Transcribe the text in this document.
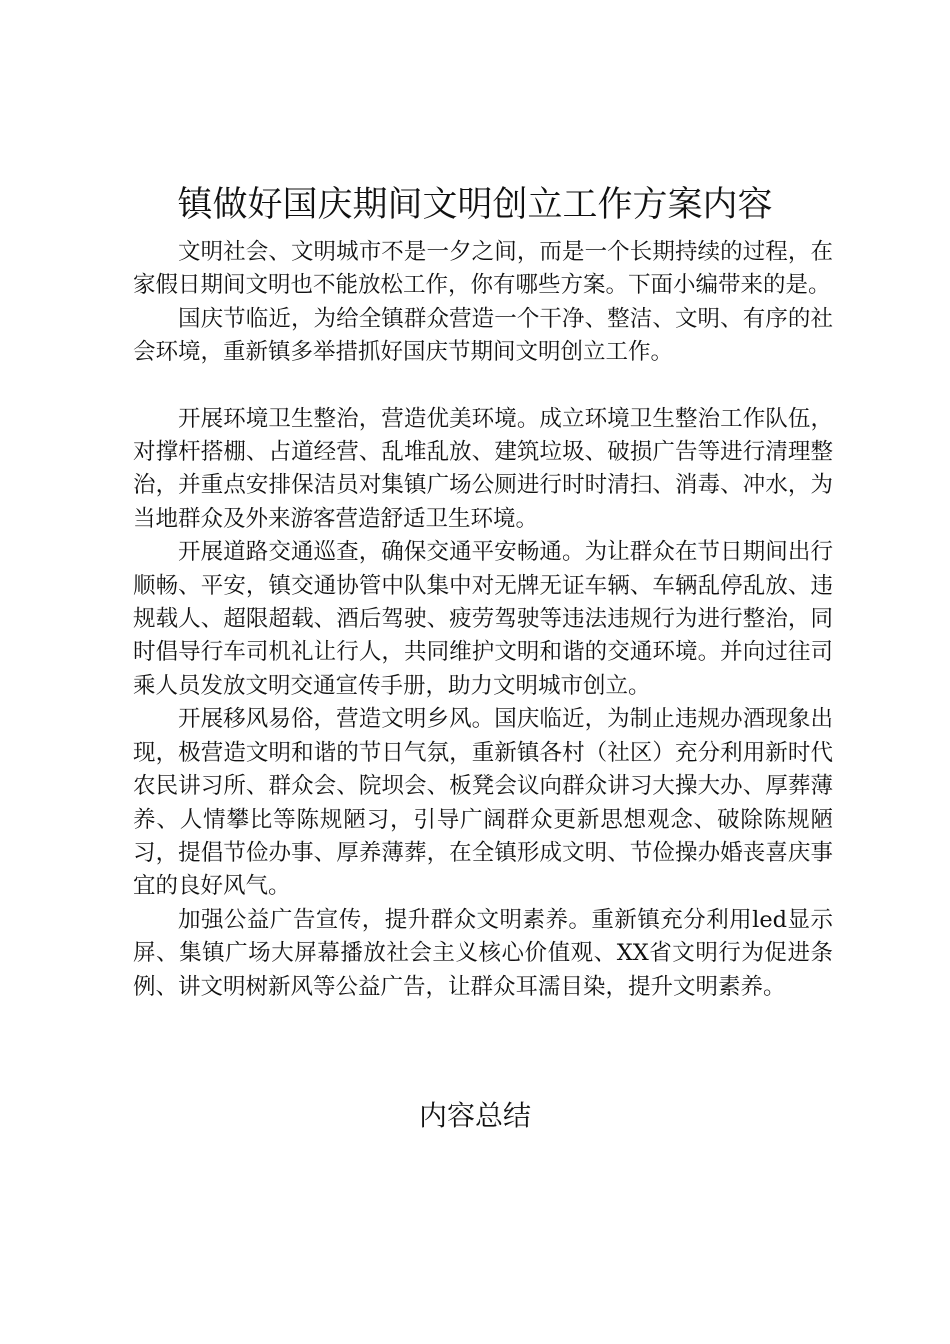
镇做好国庆期间文明创立工作方案内容

文明社会、文明城市不是一夕之间，而是一个长期持续的过程，在家假日期间文明也不能放松工作，你有哪些方案。下面小编带来的是。

国庆节临近，为给全镇群众营造一个干净、整洁、文明、有序的社会环境，重新镇多举措抓好国庆节期间文明创立工作。

开展环境卫生整治，营造优美环境。成立环境卫生整治工作队伍，对撑杆搭棚、占道经营、乱堆乱放、建筑垃圾、破损广告等进行清理整治，并重点安排保洁员对集镇广场公厕进行时时清扫、消毒、冲水，为当地群众及外来游客营造舒适卫生环境。

开展道路交通巡查，确保交通平安畅通。为让群众在节日期间出行顺畅、平安，镇交通协管中队集中对无牌无证车辆、车辆乱停乱放、违规载人、超限超载、酒后驾驶、疲劳驾驶等违法违规行为进行整治，同时倡导行车司机礼让行人，共同维护文明和谐的交通环境。并向过往司乘人员发放文明交通宣传手册，助力文明城市创立。

开展移风易俗，营造文明乡风。国庆临近，为制止违规办酒现象出现，极营造文明和谐的节日气氛，重新镇各村（社区）充分利用新时代农民讲习所、群众会、院坝会、板凳会议向群众讲习大操大办、厚葬薄养、人情攀比等陈规陋习，引导广阔群众更新思想观念、破除陈规陋习，提倡节俭办事、厚养薄葬，在全镇形成文明、节俭操办婚丧喜庆事宜的良好风气。

加强公益广告宣传，提升群众文明素养。重新镇充分利用led显示屏、集镇广场大屏幕播放社会主义核心价值观、XX省文明行为促进条例、讲文明树新风等公益广告，让群众耳濡目染，提升文明素养。

内容总结
